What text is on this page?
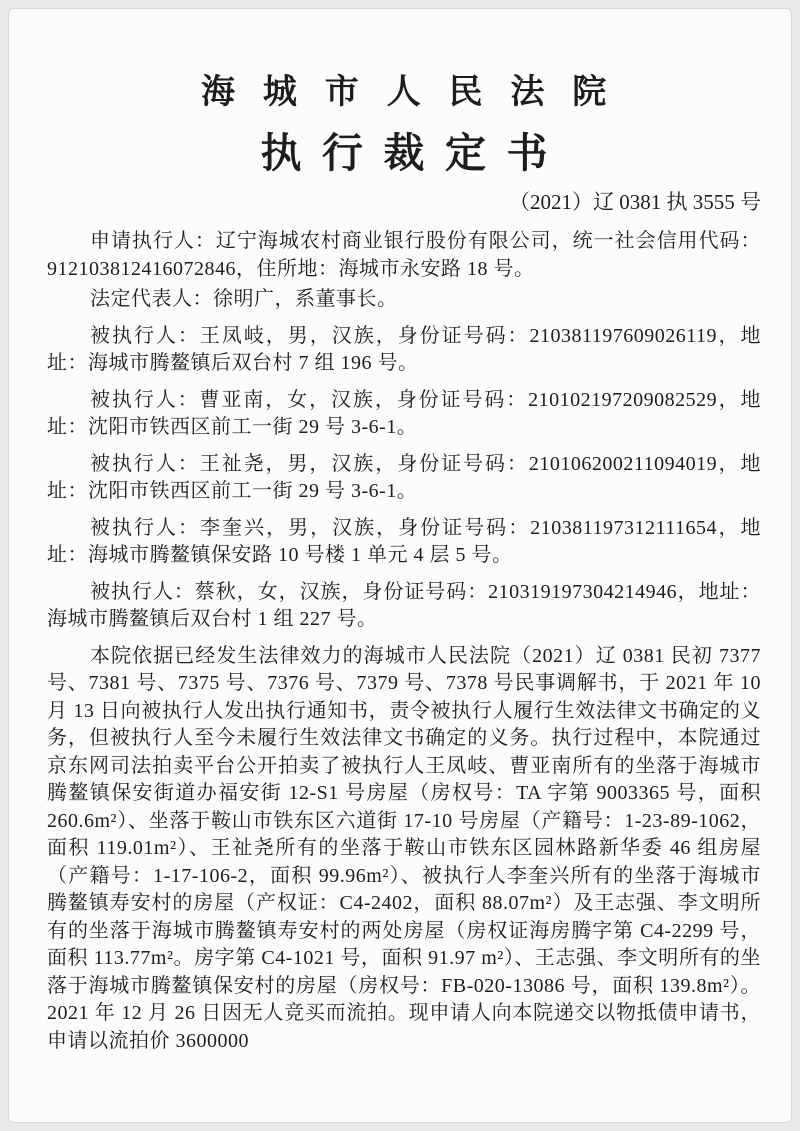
海城市人民法院
执行裁定书
（2021）辽 0381 执 3555 号

申请执行人：辽宁海城农村商业银行股份有限公司，统一社会信用代码：912103812416072846，住所地：海城市永安路 18 号。

法定代表人：徐明广，系董事长。

被执行人：王凤岐，男，汉族，身份证号码：210381197609026119，地址：海城市腾鳌镇后双台村 7 组 196 号。

被执行人：曹亚南，女，汉族，身份证号码：210102197209082529，地址：沈阳市铁西区前工一街 29 号 3-6-1。

被执行人：王祉尧，男，汉族，身份证号码：210106200211094019，地址：沈阳市铁西区前工一街 29 号 3-6-1。

被执行人：李奎兴，男，汉族，身份证号码：210381197312111654，地址：海城市腾鳌镇保安路 10 号楼 1 单元 4 层 5 号。

被执行人：蔡秋，女，汉族，身份证号码：210319197304214946，地址：海城市腾鳌镇后双台村 1 组 227 号。

本院依据已经发生法律效力的海城市人民法院（2021）辽 0381 民初 7377 号、7381 号、7375 号、7376 号、7379 号、7378 号民事调解书，于 2021 年 10 月 13 日向被执行人发出执行通知书，责令被执行人履行生效法律文书确定的义务，但被执行人至今未履行生效法律文书确定的义务。执行过程中，本院通过京东网司法拍卖平台公开拍卖了被执行人王凤岐、曹亚南所有的坐落于海城市腾鳌镇保安街道办福安街 12-S1 号房屋（房权号：TA 字第 9003365 号，面积 260.6m²）、坐落于鞍山市铁东区六道街 17-10 号房屋（产籍号：1-23-89-1062，面积 119.01m²）、王祉尧所有的坐落于鞍山市铁东区园林路新华委 46 组房屋（产籍号：1-17-106-2，面积 99.96m²）、被执行人李奎兴所有的坐落于海城市腾鳌镇寿安村的房屋（产权证：C4-2402，面积 88.07m²）及王志强、李文明所有的坐落于海城市腾鳌镇寿安村的两处房屋（房权证海房腾字第 C4-2299 号，面积 113.77m²。房字第 C4-1021 号，面积 91.97 m²）、王志强、李文明所有的坐落于海城市腾鳌镇保安村的房屋（房权号：FB-020-13086 号，面积 139.8m²）。2021 年 12 月 26 日因无人竞买而流拍。现申请人向本院递交以物抵债申请书，申请以流拍价 3600000
